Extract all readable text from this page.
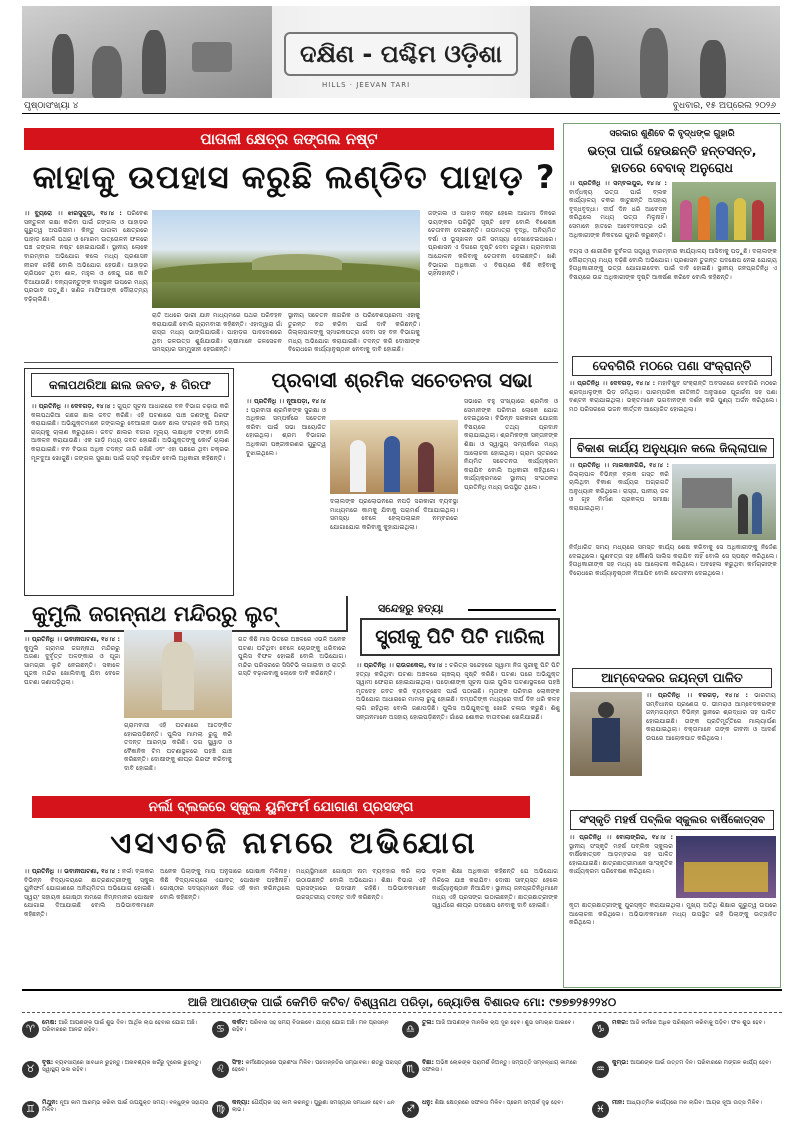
ଦକ୍ଷିଣ - ପଶ୍ଚିମ ଓଡ଼ିଶା
HILLS · JEEVAN TARI
ପୃଷ୍ଠାସଂଖ୍ୟା ୪	ବୁଧବାର, ୧୫ ଅପ୍ରେଲ ୨୦୨୬
ପାତାଳୀ କ୍ଷେତ୍ର ଜଙ୍ଗଲ ନଷ୍ଟ
କାହାକୁ ଉପହାସ କରୁଛି ଲଣ୍ଡିତ ପାହାଡ଼ ?
।। ବ୍ୟୁରୋ ।। ଝାରସୁଗୁଡ଼ା, ୧୪।୪ : ପରିବେଶ ସନ୍ତୁଳନ ରକ୍ଷା କରିବା ପାଇଁ ଜଙ୍ଗଲ ଓ ପାହାଡ଼ର ଗୁରୁତ୍ୱ ଅପରିସୀମ। କିନ୍ତୁ ପାତାଳୀ କ୍ଷେତ୍ରରେ ପାହାଡ଼ ଖୋଳି ପଥର ଓ ମୋରମ ଉତ୍ତୋଳନ ଫଳରେ ଘଞ୍ଚ ଜଙ୍ଗଲ ନଷ୍ଟ ହୋଇଯାଉଛି। ସ୍ଥାନୀୟ ଲୋକେ ବାରମ୍ବାର ଅଭିଯୋଗ କଲେ ମଧ୍ୟ ପ୍ରଶାସନ ନୀରବ ରହିଛି ବୋଲି ଅଭିଯୋଗ ହେଉଛି। ପାହାଡ଼ର ଚାରିପଟେ ଥିବା ଶାଳ, ମହୁଲ ଓ କେନ୍ଦୁ ଗଛ କାଟି ଦିଆଯାଉଛି। ବନ୍ୟଜନ୍ତୁଙ୍କ ବାସସ୍ଥାନ ଉପରେ ମଧ୍ୟ ପ୍ରଭାବ ପଡ଼ୁଛି। ଖଣିଜ ମାଫିଆଙ୍କ ଦୌରାତ୍ମ୍ୟ ବଢ଼ିଚାଲିଛି।
ରାତି ଅଧରେ ଭାରୀ ଯାନ ମାଧ୍ୟମରେ ପଥର ପରିବହନ କରାଯାଉଛି ବୋଲି ଗ୍ରାମବାସୀ କହିଛନ୍ତି। ଏହାଦ୍ୱାରା ଗାଁ ରାସ୍ତା ମଧ୍ୟ ଭାଙ୍ଗିଯାଉଛି। ପାହାଡ଼ର ପାଦଦେଶରେ ଥିବା ଜଳଉତ୍ସ ଶୁଖିଯାଉଛି। ଚାଷୀମାନେ ଜଳସେଚନ ସମସ୍ୟାର ସମ୍ମୁଖୀନ ହେଉଛନ୍ତି।
ସ୍ଥାନୀୟ ସଚେତନ ନାଗରିକ ଓ ପରିବେଶପ୍ରେମୀ ଏହାକୁ ତୁରନ୍ତ ବନ୍ଦ କରିବା ପାଇଁ ଦାବି କରିଛନ୍ତି। ଜିଲ୍ଲାପାଳଙ୍କୁ ସ୍ମାରକପତ୍ର ଦେବା ସହ ବନ ବିଭାଗକୁ ମଧ୍ୟ ଅଭିଯୋଗ କରାଯାଇଛି। ତଦନ୍ତ କରି ଦୋଷୀଙ୍କ ବିରୋଧରେ କାର୍ଯ୍ୟାନୁଷ୍ଠାନ ନେବାକୁ ଦାବି ହୋଇଛି।
ଜଙ୍ଗଲ ଓ ପାହାଡ଼ ନଷ୍ଟ ହେଲେ ଆଗାମୀ ଦିନରେ ଭୟଙ୍କର ପରିସ୍ଥିତି ସୃଷ୍ଟି ହେବ ବୋଲି ବିଶେଷଜ୍ଞ ଚେତାବନୀ ଦେଇଛନ୍ତି। ତାପମାତ୍ରା ବୃଦ୍ଧି, ଅନିୟମିତ ବର୍ଷା ଓ ଭୂସ୍ଖଳନ ଭଳି ସମସ୍ୟା ଦେଖାଦେଇପାରେ। ପ୍ରଶାସନ ଏ ଦିଗରେ ଦୃଷ୍ଟି ଦେବା ଜରୁରୀ। ଗ୍ରାମବାସୀ ଆନ୍ଦୋଳନ କରିବାକୁ ଚେତାବନୀ ଦେଇଛନ୍ତି। ଖଣି ବିଭାଗର ଅଧିକାରୀ ଏ ବିଷୟରେ କିଛି କହିବାକୁ ଚାହିଁନାହାନ୍ତି।
ସରକାର ଶୁଣିବେ କି ବୃଦ୍ଧଙ୍କ ଗୁହାରି
ଭତ୍ତା ପାଇଁ ହେଉଛନ୍ତି ହନ୍ତସନ୍ତ, ହାତରେ ବେବାକ୍ ଅନୁରୋଧ
।। ପ୍ରତିନିଧି ।। ସମ୍ବଲପୁର, ୧୪।୪ : ବାର୍ଦ୍ଧକ୍ୟ ଭତ୍ତା ପାଇଁ ବ୍ଲକ କାର୍ଯ୍ୟାଳୟ ଚକର କାଟୁଛନ୍ତି ଅସହାୟ ବୃଦ୍ଧବୃଦ୍ଧା। ଦୀର୍ଘ ଦିନ ଧରି ଆବେଦନ କରିଥିଲେ ମଧ୍ୟ ଭତ୍ତା ମିଳୁନାହିଁ। ସେମାନେ ହାତରେ ଆବେଦନପତ୍ର ଧରି ଅଧିକାରୀଙ୍କ ନିକଟରେ ଗୁହାରି କରୁଛନ୍ତି।
ବୟସ ଓ ଶାରୀରିକ ଦୁର୍ବଳତା ସତ୍ତ୍ୱେ ବାରମ୍ବାର କାର୍ଯ୍ୟାଳୟ ଆସିବାକୁ ପଡ଼ୁଛି। ଦଲାଲଙ୍କ ଦୌରାତ୍ମ୍ୟ ମଧ୍ୟ ବଢ଼ିଛି ବୋଲି ଅଭିଯୋଗ। ପ୍ରଶାସନ ତୁରନ୍ତ ପଦକ୍ଷେପ ନେଇ ଯୋଗ୍ୟ ହିତାଧିକାରୀଙ୍କୁ ଭତ୍ତା ଯୋଗାଇଦେବା ପାଇଁ ଦାବି ହୋଇଛି। ସ୍ଥାନୀୟ ଜନପ୍ରତିନିଧି ଏ ବିଷୟରେ ଉଚ୍ଚ ଅଧିକାରୀଙ୍କ ଦୃଷ୍ଟି ଆକର୍ଷଣ କରିବେ ବୋଲି କହିଛନ୍ତି।
ଦେବଗିରି ମଠରେ ପଣା ସଂକ୍ରାନ୍ତି
।। ପ୍ରତିନିଧି ।। ଦେବଗଡ଼, ୧୪।୪ : ମହାବିଷୁବ ସଂକ୍ରାନ୍ତି ଅବସରରେ ଦେବଗିରି ମଠରେ ଶ୍ରଦ୍ଧାଳୁଙ୍କ ଭିଡ଼ ଜମିଥିଲା। ପାରମ୍ପରିକ ରୀତିନୀତି ଅନୁସାରେ ପୂଜାର୍ଚ୍ଚନା ସହ ପଣା ବଣ୍ଟନ କରାଯାଇଥିଲା। ଭକ୍ତମାନେ ଭଗବାନଙ୍କ ଦର୍ଶନ କରି ପୁଣ୍ୟ ଅର୍ଜନ କରିଥିଲେ। ମଠ ପରିସରରେ ଭଜନ କୀର୍ତ୍ତନ ଆୟୋଜିତ ହୋଇଥିଲା।
ବିକାଶ କାର୍ଯ୍ୟ ଅନୁଧ୍ୟାନ କଲେ ଜିଲ୍ଲାପାଳ
।। ପ୍ରତିନିଧି ।। ମାଲକାନଗିରି, ୧୪।୪ : ଜିଲ୍ଲାପାଳ ବିଭିନ୍ନ ବ୍ଲକ ଗସ୍ତ କରି ଚାଲିଥିବା ବିକାଶ କାର୍ଯ୍ୟର ଅଗ୍ରଗତି ଅନୁଧ୍ୟାନ କରିଥିଲେ। ରାସ୍ତା, ପାନୀୟ ଜଳ ଓ ଗୃହ ନିର୍ମାଣ ପ୍ରକଳ୍ପ ସମୀକ୍ଷା କରାଯାଇଥିଲା।
ନିର୍ଦ୍ଧାରିତ ସମୟ ମଧ୍ୟରେ ସମସ୍ତ କାର୍ଯ୍ୟ ଶେଷ କରିବାକୁ ସେ ଅଧିକାରୀଙ୍କୁ ନିର୍ଦ୍ଦେଶ ଦେଇଥିଲେ। ଗୁଣବତ୍ତା ସହ କୌଣସି ସାଲିସ କରାଯିବ ନାହିଁ ବୋଲି ସେ ସ୍ପଷ୍ଟ କରିଥିଲେ। ହିତାଧିକାରୀଙ୍କ ସହ ମଧ୍ୟ ସେ ଆଲୋଚନା କରିଥିଲେ। ଅବହେଳା କରୁଥିବା କର୍ମଚାରୀଙ୍କ ବିରୋଧରେ କାର୍ଯ୍ୟାନୁଷ୍ଠାନ ନିଆଯିବ ବୋଲି ଚେତାବନୀ ଦେଇଥିଲେ।
ଆମ୍ବେଦକର ଜୟନ୍ତୀ ପାଳିତ
।। ପ୍ରତିନିଧି ।। ବରଗଡ଼, ୧୪।୪ : ଭାରତୀୟ ସମ୍ବିଧାନର ପ୍ରଣେତା ଡ. ଭୀମରାଓ ଆମ୍ବେଦକରଙ୍କ ଜନ୍ମଜୟନ୍ତୀ ବିଭିନ୍ନ ସ୍ଥାନରେ ଶ୍ରଦ୍ଧାର ସହ ପାଳିତ ହୋଇଯାଇଛି। ତାଙ୍କ ପ୍ରତିମୂର୍ତ୍ତିରେ ମାଲ୍ୟାର୍ପଣ କରାଯାଇଥିଲା। ବକ୍ତାମାନେ ତାଙ୍କ ଜୀବନୀ ଓ ଆଦର୍ଶ ଉପରେ ଆଲୋକପାତ କରିଥିଲେ।
ସଂସ୍କୃତି ମହର୍ଷ ପବ୍ଲିକ ସ୍କୁଲର ବାର୍ଷିକୋତ୍ସବ
।। ପ୍ରତିନିଧି ।। ବୋଲାଙ୍ଗିର, ୧୪।୪ : ସ୍ଥାନୀୟ ସଂସ୍କୃତି ମହର୍ଷ ପବ୍ଲିକ ସ୍କୁଲର ବାର୍ଷିକୋତ୍ସବ ଆଡ଼ମ୍ବରର ସହ ପାଳିତ ହୋଇଯାଇଛି। ଛାତ୍ରଛାତ୍ରୀମାନେ ସାଂସ୍କୃତିକ କାର୍ଯ୍ୟକ୍ରମ ପରିବେଷଣ କରିଥିଲେ।
କୃତୀ ଛାତ୍ରଛାତ୍ରୀଙ୍କୁ ପୁରସ୍କୃତ କରାଯାଇଥିଲା। ମୁଖ୍ୟ ଅତିଥି ଶିକ୍ଷାର ଗୁରୁତ୍ୱ ଉପରେ ଆଲୋଚନା କରିଥିଲେ। ଅଭିଭାବକମାନେ ମଧ୍ୟ ଉପସ୍ଥିତ ରହି ପିଲାଙ୍କୁ ଉତ୍ସାହିତ କରିଥିଲେ।
କଳାପଥରିଆ ଛାଲ ଜବତ, ୫ ଗିରଫ
।। ପ୍ରତିନିଧି ।। ଦେବଗଡ଼, ୧୪।୪ : ଗୁପ୍ତ ସୂଚନା ଆଧାରରେ ବନ ବିଭାଗ ଚଢ଼ାଉ କରି କଳାପଥରିଆ ଗଛର ଛାଲ ଜବତ କରିଛି। ଏହି ଘଟଣାରେ ପାଞ୍ଚ ଜଣଙ୍କୁ ଗିରଫ କରାଯାଇଛି। ଅଭିଯୁକ୍ତମାନେ ଜଙ୍ଗଲରୁ ବେଆଇନ ଭାବେ ଛାଲ ସଂଗ୍ରହ କରି ଅନ୍ୟ ରାଜ୍ୟକୁ ଚାଲାଣ କରୁଥିଲେ। ଜବତ ଛାଲର ବଜାର ମୂଲ୍ୟ ଲକ୍ଷାଧିକ ଟଙ୍କା ବୋଲି ଆକଳନ କରାଯାଉଛି। ଏକ ଗାଡ଼ି ମଧ୍ୟ ଜବତ ହୋଇଛି। ଅଭିଯୁକ୍ତଙ୍କୁ କୋର୍ଟ ଚାଲାଣ କରାଯାଇଛି। ବନ ବିଭାଗ ଅଧିକ ତଦନ୍ତ ଜାରି ରଖିଛି ଏବଂ ଏହା ପଛରେ ଥିବା ଚକ୍ରର ମୂଳଦୁଆ ଖୋଜୁଛି। ଜଙ୍ଗଲ ସୁରକ୍ଷା ପାଇଁ ଗସ୍ତି ବଢ଼ାଯିବ ବୋଲି ଅଧିକାରୀ କହିଛନ୍ତି।
ପ୍ରବାସୀ ଶ୍ରମିକ ସଚେତନତା ସଭା
।। ପ୍ରତିନିଧି ।। ନୂଆପଡ଼ା, ୧୪।୪ : ପ୍ରବାସୀ ଶ୍ରମିକଙ୍କ ସୁରକ୍ଷା ଓ ଅଧିକାର ସମ୍ପର୍କରେ ସଚେତନ କରିବା ପାଇଁ ସଭା ଆୟୋଜିତ ହୋଇଥିଲା। ଶ୍ରମ ବିଭାଗର ଅଧିକାରୀ ପଞ୍ଜୀକରଣର ଗୁରୁତ୍ୱ ବୁଝାଇଥିଲେ।
ଦଲାଲଙ୍କ ପ୍ରଲୋଭନରେ ନପଡ଼ି ସରକାରୀ ବ୍ୟବସ୍ଥା ମାଧ୍ୟମରେ କାମକୁ ଯିବାକୁ ପରାମର୍ଶ ଦିଆଯାଇଥିଲା। ସମସ୍ୟା ବେଳେ ହେଲ୍ପଲାଇନ ନମ୍ବରରେ ଯୋଗାଯୋଗ କରିବାକୁ କୁହାଯାଇଥିଲା।
ସଭାରେ ବହୁ ସଂଖ୍ୟାରେ ଶ୍ରମିକ ଓ ସେମାନଙ୍କ ପରିବାର ଲୋକେ ଯୋଗ ଦେଇଥିଲେ। ବିଭିନ୍ନ ସରକାରୀ ଯୋଜନା ବିଷୟରେ ତଥ୍ୟ ପ୍ରଦାନ କରାଯାଇଥିଲା। ଶ୍ରମିକଙ୍କ ସନ୍ତାନଙ୍କ ଶିକ୍ଷା ଓ ସ୍ୱାସ୍ଥ୍ୟ ସମ୍ପର୍କରେ ମଧ୍ୟ ଆଲୋଚନା ହୋଇଥିଲା। ଗ୍ରାମ ସ୍ତରରେ ନିୟମିତ ସଚେତନତା କାର୍ଯ୍ୟକ୍ରମ କରାଯିବ ବୋଲି ଅଧିକାରୀ କହିଥିଲେ। କାର୍ଯ୍ୟକ୍ରମରେ ସ୍ଥାନୀୟ ସଂଗଠନର ପ୍ରତିନିଧି ମଧ୍ୟ ଉପସ୍ଥିତ ଥିଲେ।
କୁମୁଲି ଜଗନ୍ନାଥ ମନ୍ଦିରରୁ ଲୁଟ୍
।। ପ୍ରତିନିଧି ।। ଭବାନୀପାଟଣା, ୧୪।୪ : କୁମୁଲି ଗ୍ରାମର ଜଗନ୍ନାଥ ମନ୍ଦିରରୁ ଅଜଣା ଦୁର୍ବୃତ୍ତ ଅଳଙ୍କାର ଓ ପୂଜା ସାମଗ୍ରୀ ଲୁଟି ନେଇଛନ୍ତି। ସକାଳେ ପୂଜକ ମନ୍ଦିର ଖୋଲିବାକୁ ଯିବା ବେଳେ ଘଟଣା ଜଣାପଡ଼ିଥିଲା।
ଗ୍ରାମବାସୀ ଏହି ଘଟଣାରେ ଆତଙ୍କିତ ହୋଇପଡ଼ିଛନ୍ତି। ପୁଲିସ ମାମଲା ରୁଜୁ କରି ତଦନ୍ତ ଆରମ୍ଭ କରିଛି। ଡଗ ସ୍କ୍ୱାଡ ଓ ବୈଜ୍ଞାନିକ ଟିମ ଘଟଣାସ୍ଥଳରେ ପହଞ୍ଚି ଯାଞ୍ଚ କରିଛନ୍ତି। ଦୋଷୀଙ୍କୁ ଶୀଘ୍ର ଗିରଫ କରିବାକୁ ଦାବି ହୋଇଛି।
ଗତ କିଛି ମାସ ଭିତରେ ଅଞ୍ଚଳରେ ଏଭଳି ଅନେକ ଘଟଣା ଘଟିଥିବା ବେଳେ ଚୋରଙ୍କୁ ଧରିବାରେ ପୁଲିସ ବିଫଳ ହୋଇଛି ବୋଲି ଅଭିଯୋଗ। ମନ୍ଦିର ପରିସରରେ ସିସିଟିଭି ଲଗାଇବା ଓ ରାତ୍ରି ଗସ୍ତି ବଢ଼ାଇବାକୁ ଲୋକେ ଦାବି କରିଛନ୍ତି।
ସନ୍ଦେହରୁ ହତ୍ୟା
ସ୍ତ୍ରୀକୁ ପିଟି ପିଟି ମାରିଲା
।। ପ୍ରତିନିଧି ।। ରାଉରକେଲା, ୧୪।୪ : ଚରିତ୍ର ସନ୍ଦେହରେ ସ୍ୱାମୀ ନିଜ ସ୍ତ୍ରୀକୁ ପିଟି ପିଟି ହତ୍ୟା କରିଥିବା ଘଟଣା ଅଞ୍ଚଳରେ ଚାଞ୍ଚଲ୍ୟ ସୃଷ୍ଟି କରିଛି। ଘଟଣା ପରେ ଅଭିଯୁକ୍ତ ସ୍ୱାମୀ ଫେରାର ହୋଇଯାଇଥିଲା। ପଡ଼ୋଶୀଙ୍କ ସୂଚନା ପାଇ ପୁଲିସ ଘଟଣାସ୍ଥଳରେ ପହଞ୍ଚି ମୃତଦେହ ଜବତ କରି ବ୍ୟବଚ୍ଛେଦ ପାଇଁ ପଠାଇଛି। ମୃତାଙ୍କ ପରିବାର ଲୋକଙ୍କ ଅଭିଯୋଗ ଆଧାରରେ ମାମଲା ରୁଜୁ ହୋଇଛି। ଦମ୍ପତିଙ୍କ ମଧ୍ୟରେ ଦୀର୍ଘ ଦିନ ଧରି କଳହ ଲାଗି ରହିଥିଲା ବୋଲି ଜଣାପଡ଼ିଛି। ପୁଲିସ ଅଭିଯୁକ୍ତକୁ ଖୋଜି ଚଳାଉ କରୁଛି। ଶିଶୁ ସନ୍ତାନମାନେ ଅସହାୟ ହୋଇପଡ଼ିଛନ୍ତି। ଗାଁରେ ଶୋକର ବାତାବରଣ ଖେଳିଯାଇଛି।
ନର୍ଲା ବ୍ଲକରେ ସ୍କୁଲ ୟୁନିଫର୍ମ ଯୋଗାଣ ପ୍ରସଙ୍ଗ
ଏସଏଚଜି ନାମରେ ଅଭିଯୋଗ
।। ପ୍ରତିନିଧି ।। ଭବାନୀପାଟଣା, ୧୪।୪ : ନର୍ଲା ବ୍ଲକର ବିଭିନ୍ନ ବିଦ୍ୟାଳୟରେ ଛାତ୍ରଛାତ୍ରୀଙ୍କୁ ସ୍କୁଲ ୟୁନିଫର୍ମ ଯୋଗାଣରେ ଅନିୟମିତତା ଅଭିଯୋଗ ହୋଇଛି। ସ୍ୱୟଂ ସହାୟକ ଗୋଷ୍ଠୀ ନାମରେ ନିମ୍ନମାନର ପୋଷାକ ଯୋଗାଇ ଦିଆଯାଇଛି ବୋଲି ଅଭିଭାବକମାନେ କହିଛନ୍ତି।
ଅନେକ ପିଲାଙ୍କୁ ମାପ ଅନୁସାରେ ପୋଷାକ ମିଳିନାହିଁ। କିଛି ବିଦ୍ୟାଳୟରେ ଏଯାବତ୍ ପୋଷାକ ପହଞ୍ଚିନାହିଁ। ଗୋଷ୍ଠୀର ସଦସ୍ୟମାନେ ନିଜେ ଏହି କାମ କରିନଥିଲେ ବୋଲି କହିଛନ୍ତି।
ମଧ୍ୟସ୍ଥିମାନେ ଗୋଷ୍ଠୀ ନାମ ବ୍ୟବହାର କରି ଲାଭ ଉଠାଉଛନ୍ତି ବୋଲି ଅଭିଯୋଗ। ଶିକ୍ଷା ବିଭାଗ ଏହି ପ୍ରସଙ୍ଗରେ ଉଦାସୀନ ରହିଛି। ଅଭିଭାବକମାନେ ଉଚ୍ଚସ୍ତରୀୟ ତଦନ୍ତ ଦାବି କରିଛନ୍ତି।
ବ୍ଲକ ଶିକ୍ଷା ଅଧିକାରୀ କହିଛନ୍ତି ଯେ ଅଭିଯୋଗ ମିଳିଲେ ଯାଞ୍ଚ କରାଯିବ। ଦୋଷୀ ସାବ୍ୟସ୍ତ ହେଲେ କାର୍ଯ୍ୟାନୁଷ୍ଠାନ ନିଆଯିବ। ସ୍ଥାନୀୟ ଜନପ୍ରତିନିଧିମାନେ ମଧ୍ୟ ଏହି ପ୍ରସଙ୍ଗ ଉଠାଇଛନ୍ତି। ଛାତ୍ରଛାତ୍ରୀଙ୍କ ସ୍ୱାର୍ଥରେ ଶୀଘ୍ର ପଦକ୍ଷେପ ନେବାକୁ ଦାବି ହୋଇଛି।
ଆଜି ଆପଣଙ୍କ ପାଇଁ କେମିତି କଟିବ/ ବିଶ୍ୱନାଥ ପରିଡ଼ା, ଜ୍ୟୋତିଷ ବିଶାରଦ ମୋ: ୯୭୭୭୨୫୨୨୪୦
♈
ମେଷ: ଆଜି ଆପଣଙ୍କ ପାଇଁ ଶୁଭ ଦିନ। ଆର୍ଥିକ ଲାଭ ହେବାର ଯୋଗ ଅଛି। ପରିବାରରେ ଆନନ୍ଦ ରହିବ।
♉
ବୃଷ: ବ୍ୟବସାୟରେ ସାବଧାନ ରୁହନ୍ତୁ। ଅନାବଶ୍ୟକ ଖର୍ଚ୍ଚରୁ ଦୂରେଇ ରୁହନ୍ତୁ। ସ୍ୱାସ୍ଥ୍ୟ ଭଲ ରହିବ।
♊
ମିଥୁନ: ନୂଆ କାମ ଆରମ୍ଭ କରିବା ପାଇଁ ଉପଯୁକ୍ତ ସମୟ। ବନ୍ଧୁଙ୍କ ସହାୟତା ମିଳିବ।
♋
କର୍କଟ: ପରିବାର ସହ ସମୟ ବିତାଇବେ। ଯାତ୍ରା ଯୋଗ ଅଛି। ମନ ପ୍ରସନ୍ନ ରହିବ।
♌
ସିଂହ: କର୍ମକ୍ଷେତ୍ରରେ ପ୍ରଶଂସା ମିଳିବ। ପଦୋନ୍ନତିର ସମ୍ଭାବନା। ଶତ୍ରୁ ପରାସ୍ତ ହେବେ।
♍
କନ୍ୟା: ଧୈର୍ଯ୍ୟର ସହ କାମ କରନ୍ତୁ। ପୁରୁଣା ସମସ୍ୟାର ସମାଧାନ ହେବ। ଧନ ଲାଭ।
♎
ତୁଳା: ଆଜି ଆପଣଙ୍କ ମାନସିକ ଚାପ ଦୂର ହେବ। ଶୁଭ ସମାଚାର ପାଇବେ।
♏
ବିଛା: ଅଭିଜ୍ଞ ଲୋକଙ୍କ ପରାମର୍ଶ ନିଅନ୍ତୁ। ସମ୍ପତ୍ତି ସମ୍ବନ୍ଧୀୟ କାମରେ ସଫଳତା।
♐
ଧନୁ: ଶିକ୍ଷା କ୍ଷେତ୍ରରେ ସଫଳତା ମିଳିବ। ପ୍ରେମ ସମ୍ପର୍କ ଦୃଢ଼ ହେବ।
♑
ମକର: ଆଜି କର୍ମରେ ଅଧିକ ପରିଶ୍ରମ କରିବାକୁ ପଡ଼ିବ। ଫଳ ଶୁଭ ହେବ।
♒
କୁମ୍ଭ: ଆପଣଙ୍କ ପାଇଁ ଉତ୍ତମ ଦିନ। ପରିବାରରେ ମଙ୍ଗଳ କାର୍ଯ୍ୟ ହେବ।
♓
ମୀନ: ଆଧ୍ୟାତ୍ମିକ କାର୍ଯ୍ୟରେ ମନ ଲାଗିବ। ଆୟର ନୂଆ ଉତ୍ସ ମିଳିବ।
